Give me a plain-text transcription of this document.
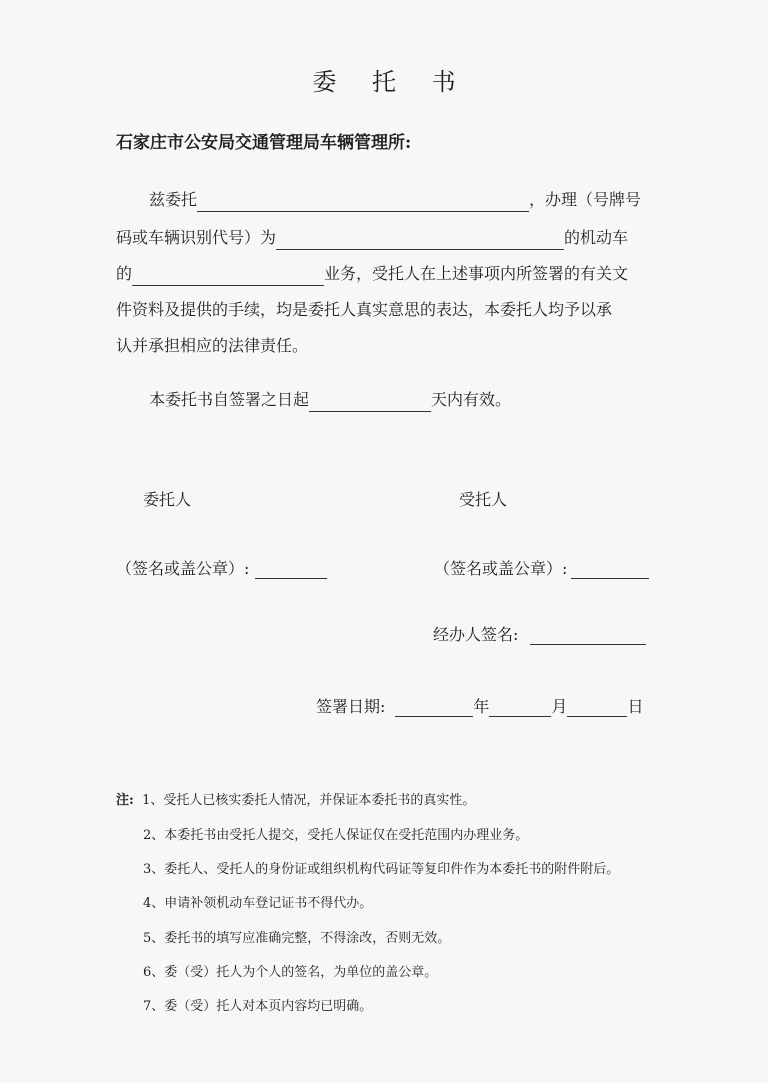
委 托 书
石家庄市公安局交通管理局车辆管理所:
兹委托	，办理（号牌号
码或车辆识别代号）为	的机动车
的	业务，受托人在上述事项内所签署的有关文
件资料及提供的手续，均是委托人真实意思的表达，本委托人均予以承
认并承担相应的法律责任。
本委托书自签署之日起	天内有效。
委托人	受托人
（签名或盖公章）:	（签名或盖公章）:
经办人签名:
签署日期:	年	月	日
注: 1、受托人已核实委托人情况，并保证本委托书的真实性。
2、本委托书由受托人提交，受托人保证仅在受托范围内办理业务。
3、委托人、受托人的身份证或组织机构代码证等复印件作为本委托书的附件附后。
4、申请补领机动车登记证书不得代办。
5、委托书的填写应准确完整，不得涂改，否则无效。
6、委（受）托人为个人的签名，为单位的盖公章。
7、委（受）托人对本页内容均已明确。
